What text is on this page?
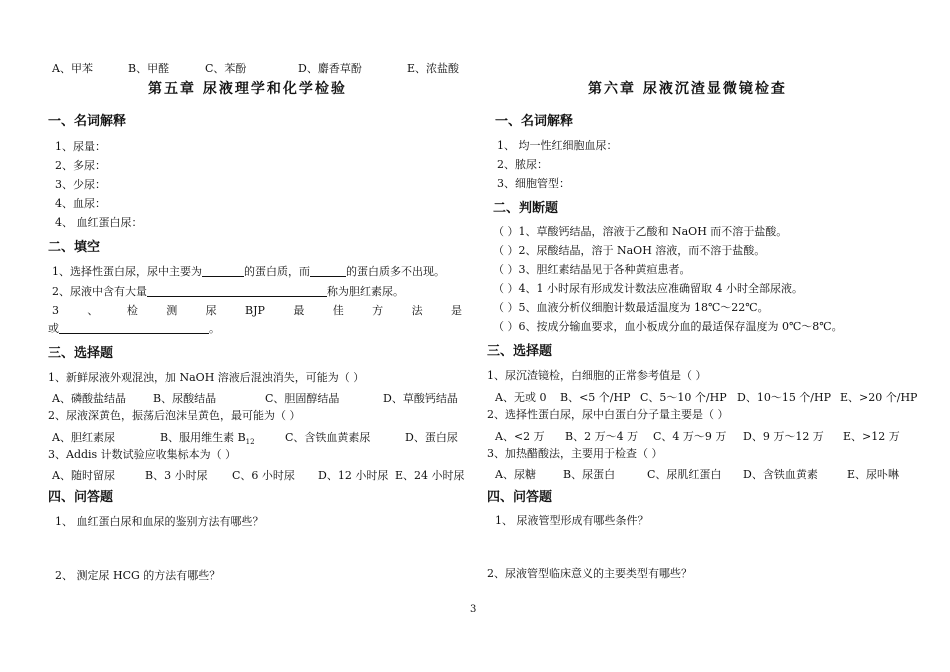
A、甲苯	B、甲醛	C、苯酚	D、麝香草酚	E、浓盐酸
第五章 尿液理学和化学检验
一、名词解释
1、尿量：
2、多尿：
3、少尿：
4、血尿：
4、 血红蛋白尿：
二、填空
1、选择性蛋白尿，尿中主要为	的蛋白质，而	的蛋白质多不出现。
2、尿液中含有大量	称为胆红素尿。
3	、	检	测	尿	BJP	最	佳	方	法	是
或	。
三、选择题
1、新鲜尿液外观混浊，加 NaOH 溶液后混浊消失，可能为（ ）
A、磷酸盐结晶 B、尿酸结晶	C、胆固醇结晶	D、草酸钙结晶
2、尿液深黄色，振荡后泡沫呈黄色，最可能为（ ）
A、胆红素尿	B、服用维生素 $B_{12}$	C、含铁血黄素尿	D、蛋白尿
3、Addis 计数试验应收集标本为（ ）
A、随时留尿	B、3 小时尿 C、6 小时尿 D、12 小时尿 E、24 小时尿
四、问答题
1、 血红蛋白尿和血尿的鉴别方法有哪些？
2、 测定尿 HCG 的方法有哪些？
第六章 尿液沉渣显微镜检查
一、名词解释
1、 均一性红细胞血尿：
2、脓尿：
3、细胞管型：
二、判断题
（ ）1、草酸钙结晶，溶液于乙酸和 NaOH 而不溶于盐酸。
（ ）2、尿酸结晶，溶于 NaOH 溶液，而不溶于盐酸。
（ ）3、胆红素结晶见于各种黄疸患者。
（ ）4、1 小时尿有形成发计数法应准确留取 4 小时全部尿液。
（ ）5、血液分析仪细胞计数最适温度为 18℃～22℃。
（ ）6、按成分输血要求，血小板成分血的最适保存温度为 0℃～8℃。
三、选择题
1、尿沉渣镜检，白细胞的正常参考值是（ ）
A、无或 0 B、<5 个/HP C、5～10 个/HP D、10～15 个/HP E、>20 个/HP
2、选择性蛋白尿，尿中白蛋白分子量主要是（ ）
A、<2 万 B、2 万～4 万 C、4 万～9 万 D、9 万～12 万 E、>12 万
3、加热醋酸法，主要用于检查（ ）
A、尿糖 B、尿蛋白	C、尿肌红蛋白 D、含铁血黄素	E、尿卟啉
四、问答题
1、 尿液管型形成有哪些条件？
2、尿液管型临床意义的主要类型有哪些？
3
